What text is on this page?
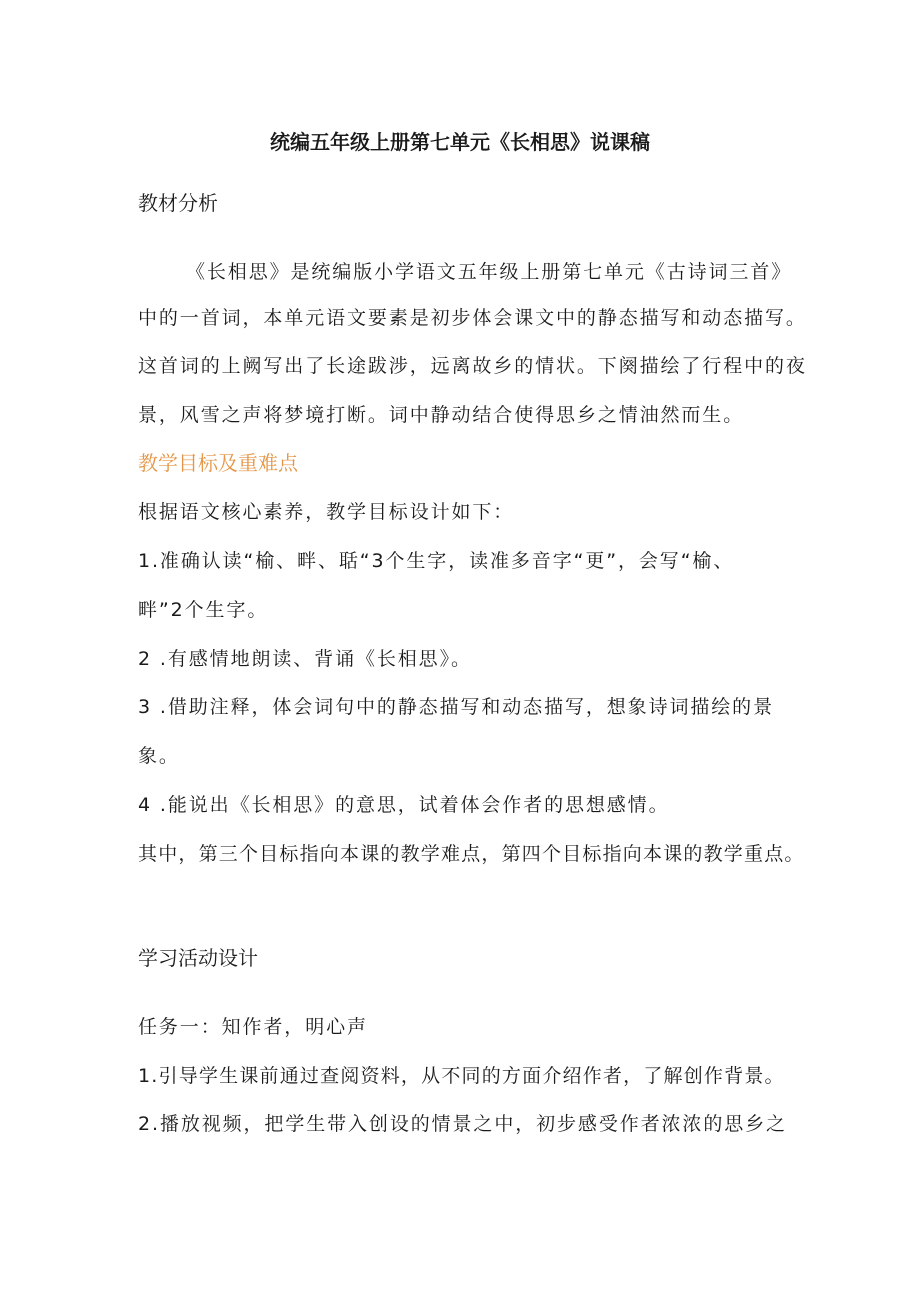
统编五年级上册第七单元《长相思》说课稿
教材分析
《长相思》是统编版小学语文五年级上册第七单元《古诗词三首》
中的一首词，本单元语文要素是初步体会课文中的静态描写和动态描写。
这首词的上阙写出了长途跋涉，远离故乡的情状。下阕描绘了行程中的夜
景，风雪之声将梦境打断。词中静动结合使得思乡之情油然而生。
教学目标及重难点
根据语文核心素养，教学目标设计如下：
1.准确认读“榆、畔、聒“3个生字，读准多音字“更”，会写“榆、
畔”2个生字。
2 .有感情地朗读、背诵《长相思》。
3 .借助注释，体会词句中的静态描写和动态描写，想象诗词描绘的景
象。
4 .能说出《长相思》的意思，试着体会作者的思想感情。
其中，第三个目标指向本课的教学难点，第四个目标指向本课的教学重点。
学习活动设计
任务一：知作者，明心声
1.引导学生课前通过查阅资料，从不同的方面介绍作者，了解创作背景。
2.播放视频，把学生带入创设的情景之中，初步感受作者浓浓的思乡之
